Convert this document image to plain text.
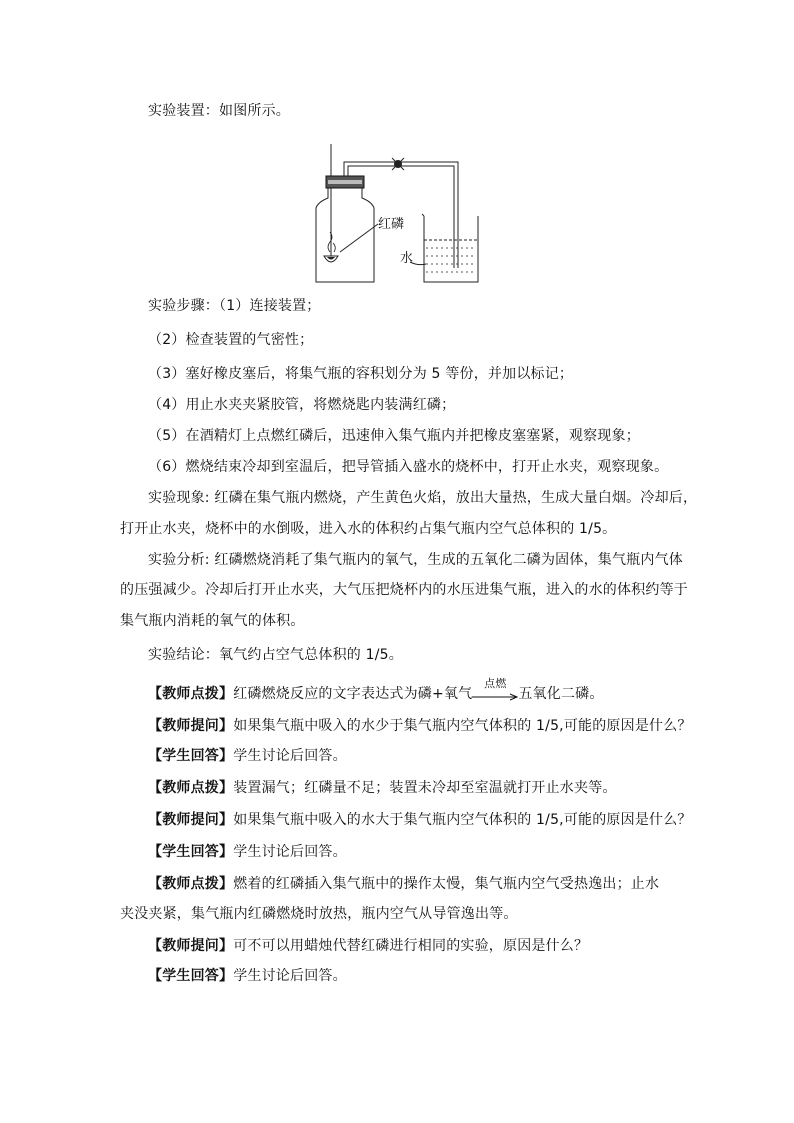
实验装置：如图所示。
红磷
水
实验步骤：（1）连接装置；
（2）检查装置的气密性；
（3）塞好橡皮塞后，将集气瓶的容积划分为 5 等份，并加以标记；
（4）用止水夹夹紧胶管，将燃烧匙内装满红磷；
（5）在酒精灯上点燃红磷后，迅速伸入集气瓶内并把橡皮塞塞紧，观察现象；
（6）燃烧结束冷却到室温后，把导管插入盛水的烧杯中，打开止水夹，观察现象。
实验现象: 红磷在集气瓶内燃烧，产生黄色火焰，放出大量热，生成大量白烟。冷却后，
打开止水夹，烧杯中的水倒吸，进入水的体积约占集气瓶内空气总体积的 1/5。
实验分析: 红磷燃烧消耗了集气瓶内的氧气，生成的五氧化二磷为固体，集气瓶内气体
的压强减少。冷却后打开止水夹，大气压把烧杯内的水压进集气瓶，进入的水的体积约等于
集气瓶内消耗的氧气的体积。
实验结论：氧气约占空气总体积的 1/5。
【教师点拨】红磷燃烧反应的文字表达式为磷+氧气
点燃
五氧化二磷。
【教师提问】如果集气瓶中吸入的水少于集气瓶内空气体积的 1/5,可能的原因是什么？
【学生回答】学生讨论后回答。
【教师点拨】装置漏气；红磷量不足；装置未冷却至室温就打开止水夹等。
【教师提问】如果集气瓶中吸入的水大于集气瓶内空气体积的 1/5,可能的原因是什么？
【学生回答】学生讨论后回答。
【教师点拨】燃着的红磷插入集气瓶中的操作太慢，集气瓶内空气受热逸出；止水
夹没夹紧，集气瓶内红磷燃烧时放热，瓶内空气从导管逸出等。
【教师提问】可不可以用蜡烛代替红磷进行相同的实验，原因是什么？
【学生回答】学生讨论后回答。
